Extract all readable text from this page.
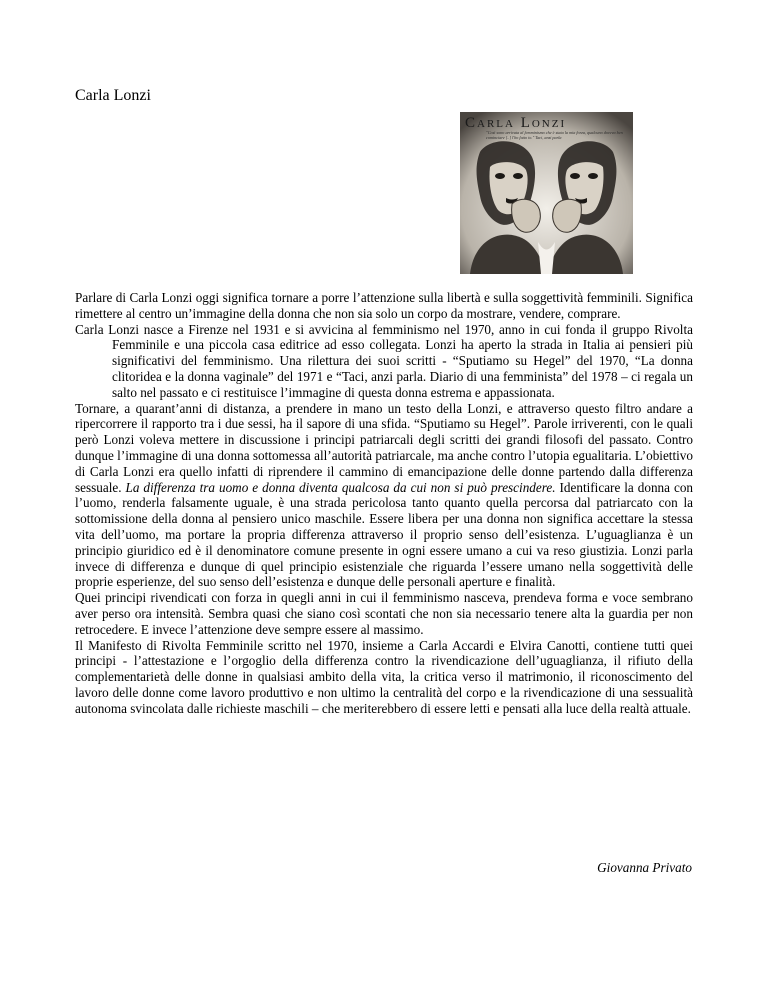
Carla Lonzi
Carla Lonzi
"Così sono arrivata al femminismo che è stata la mia forza, qualcuno doveva ben cominciare [..] l'ho fatto io." Taci, anzi parla

Parlare di Carla Lonzi oggi significa tornare a porre l’attenzione sulla libertà e sulla soggettività femminili. Significa rimettere al centro un’immagine della donna che non sia solo un corpo da mostrare, vendere, comprare.

Carla Lonzi nasce a Firenze nel 1931 e si avvicina al femminismo nel 1970, anno in cui fonda il gruppo Rivolta Femminile e una piccola casa editrice ad esso collegata. Lonzi ha aperto la strada in Italia ai pensieri più significativi del femminismo. Una rilettura dei suoi scritti - “Sputiamo su Hegel” del 1970, “La donna clitoridea e la donna vaginale” del 1971 e “Taci, anzi parla. Diario di una femminista” del 1978 – ci regala un salto nel passato e ci restituisce l’immagine di questa donna estrema e appassionata.

Tornare, a quarant’anni di distanza, a prendere in mano un testo della Lonzi, e attraverso questo filtro andare a ripercorrere il rapporto tra i due sessi, ha il sapore di una sfida. “Sputiamo su Hegel”. Parole irriverenti, con le quali però Lonzi voleva mettere in discussione i principi patriarcali degli scritti dei grandi filosofi del passato. Contro dunque l’immagine di una donna sottomessa all’autorità patriarcale, ma anche contro l’utopia egualitaria. L’obiettivo di Carla Lonzi era quello infatti di riprendere il cammino di emancipazione delle donne partendo dalla differenza sessuale. La differenza tra uomo e donna diventa qualcosa da cui non si può prescindere. Identificare la donna con l’uomo, renderla falsamente uguale, è una strada pericolosa tanto quanto quella percorsa dal patriarcato con la sottomissione della donna al pensiero unico maschile. Essere libera per una donna non significa accettare la stessa vita dell’uomo, ma portare la propria differenza attraverso il proprio senso dell’esistenza. L’uguaglianza è un principio giuridico ed è il denominatore comune presente in ogni essere umano a cui va reso giustizia. Lonzi parla invece di differenza e dunque di quel principio esistenziale che riguarda l’essere umano nella soggettività delle proprie esperienze, del suo senso dell’esistenza e dunque delle personali aperture e finalità.

Quei principi rivendicati con forza in quegli anni in cui il femminismo nasceva, prendeva forma e voce sembrano aver perso ora intensità. Sembra quasi che siano così scontati che non sia necessario tenere alta la guardia per non retrocedere. E invece l’attenzione deve sempre essere al massimo.

Il Manifesto di Rivolta Femminile scritto nel 1970, insieme a Carla Accardi e Elvira Canotti, contiene tutti quei principi - l’attestazione e l’orgoglio della differenza contro la rivendicazione dell’uguaglianza, il rifiuto della complementarietà delle donne in qualsiasi ambito della vita, la critica verso il matrimonio, il riconoscimento del lavoro delle donne come lavoro produttivo e non ultimo la centralità del corpo e la rivendicazione di una sessualità autonoma svincolata dalle richieste maschili – che meriterebbero di essere letti e pensati alla luce della realtà attuale.

Giovanna Privato
